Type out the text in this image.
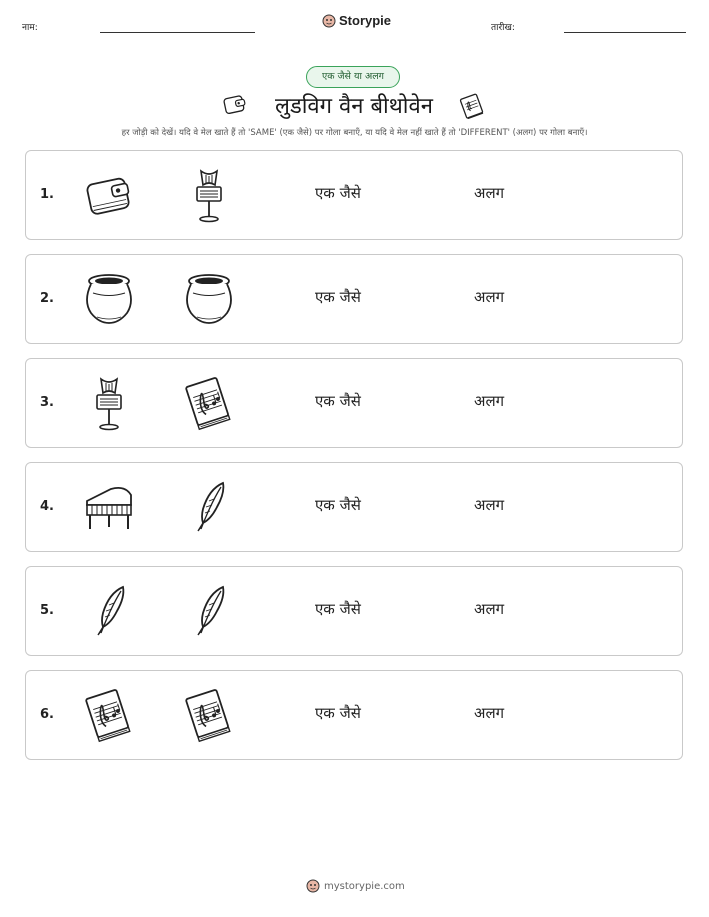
नाम:	Storypie	तारीख:
एक जैसे या अलग
लुडविग वैन बीथोवेन
हर जोड़ी को देखें। यदि वे मेल खाते हैं तो 'SAME' (एक जैसे) पर गोला बनाएँ, या यदि वे मेल नहीं खाते हैं तो 'DIFFERENT' (अलग) पर गोला बनाएँ।
1.	एक जैसे	अलग
2.	एक जैसे	अलग
3.	एक जैसे	अलग
4.	एक जैसे	अलग
5.	एक जैसे	अलग
6.	एक जैसे	अलग
mystorypie.com
